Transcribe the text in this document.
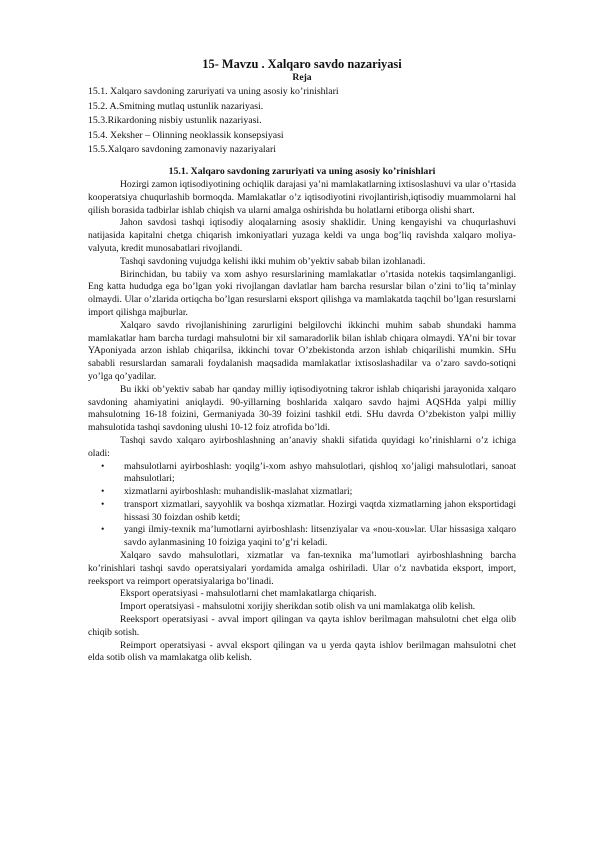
15- Mavzu . Xalqaro savdo nazariyasi
Reja
15.1. Xalqaro savdoning zaruriyati va uning asosiy ko’rinishlari
15.2. A.Smitning mutlaq ustunlik nazariyasi.
15.3.Rikardoning nisbiy ustunlik nazariyasi.
15.4. Xeksher – Olinning neoklassik konsepsiyasi
15.5.Xalqaro savdoning zamonaviy nazariyalari
15.1. Xalqaro savdoning zaruriyati va uning asosiy ko’rinishlari

Hozirgi zamon iqtisodiyotining ochiqlik darajasi ya’ni mamlakatlarning ixtisoslashuvi va ular o’rtasida kooperatsiya chuqurlashib bormoqda. Mamlakatlar o’z iqtisodiyotini rivojlantirish,iqtisodiy muammolarni hal qilish borasida tadbirlar ishlab chiqish va ularni amalga oshirishda bu holatlarni etiborga olishi shart.

Jahon savdosi tashqi iqtisodiy aloqalarning asosiy shaklidir. Uning kengayishi va chuqurlashuvi natijasida kapitalni chetga chiqarish imkoniyatlari yuzaga keldi va unga bog’liq ravishda xalqaro moliya-valyuta, kredit munosabatlari rivojlandi.

Tashqi savdoning vujudga kelishi ikki muhim ob’yektiv sabab bilan izohlanadi.

Birinchidan, bu tabiiy va xom ashyo resurslarining mamlakatlar o’rtasida notekis taqsimlanganligi. Eng katta hududga ega bo’lgan yoki rivojlangan davlatlar ham barcha resurslar bilan o’zini to’liq ta’minlay olmaydi. Ular o’zlarida ortiqcha bo’lgan resurslarni eksport qilishga va mamlakatda taqchil bo’lgan resurslarni import qilishga majburlar.

Xalqaro savdo rivojlanishining zarurligini belgilovchi ikkinchi muhim sabab shundaki hamma mamlakatlar ham barcha turdagi mahsulotni bir xil samaradorlik bilan ishlab chiqara olmaydi. YA’ni bir tovar YAponiyada arzon ishlab chiqarilsa, ikkinchi tovar O’zbekistonda arzon ishlab chiqarilishi mumkin. SHu sababli resurslardan samarali foydalanish maqsadida mamlakatlar ixtisoslashadilar va o’zaro savdo-sotiqni yo’lga qo’yadilar.

Bu ikki ob’yektiv sabab har qanday milliy iqtisodiyotning takror ishlab chiqarishi jarayonida xalqaro savdoning ahamiyatini aniqlaydi. 90-yillarning boshlarida xalqaro savdo hajmi AQSHda yalpi milliy mahsulotning 16-18 foizini, Germaniyada 30-39 foizini tashkil etdi. SHu davrda O’zbekiston yalpi milliy mahsulotida tashqi savdoning ulushi 10-12 foiz atrofida bo’ldi.

Tashqi savdo xalqaro ayirboshlashning an’anaviy shakli sifatida quyidagi ko’rinishlarni o’z ichiga oladi:

• mahsulotlarni ayirboshlash: yoqilg’i-xom ashyo mahsulotlari, qishloq xo’jaligi mahsulotlari, sanoat mahsulotlari;
• xizmatlarni ayirboshlash: muhandislik-maslahat xizmatlari;
• transport xizmatlari, sayyohlik va boshqa xizmatlar. Hozirgi vaqtda xizmatlarning jahon eksportidagi hissasi 30 foizdan oshib ketdi;
• yangi ilmiy-texnik ma’lumotlarni ayirboshlash: litsenziyalar va «nou-xou»lar. Ular hissasiga xalqaro savdo aylanmasining 10 foiziga yaqini to’g’ri keladi.

Xalqaro savdo mahsulotlari, xizmatlar va fan-texnika ma’lumotlari ayirboshlashning barcha ko’rinishlari tashqi savdo operatsiyalari yordamida amalga oshiriladi. Ular o’z navbatida eksport, import, reeksport va reimport operatsiyalariga bo’linadi.

Eksport operatsiyasi - mahsulotlarni chet mamlakatlarga chiqarish.

Import operatsiyasi - mahsulotni xorijiy sherikdan sotib olish va uni mamlakatga olib kelish.

Reeksport operatsiyasi - avval import qilingan va qayta ishlov berilmagan mahsulotni chet elga olib chiqib sotish.

Reimport operatsiyasi - avval eksport qilingan va u yerda qayta ishlov berilmagan mahsulotni chet elda sotib olish va mamlakatga olib kelish.
